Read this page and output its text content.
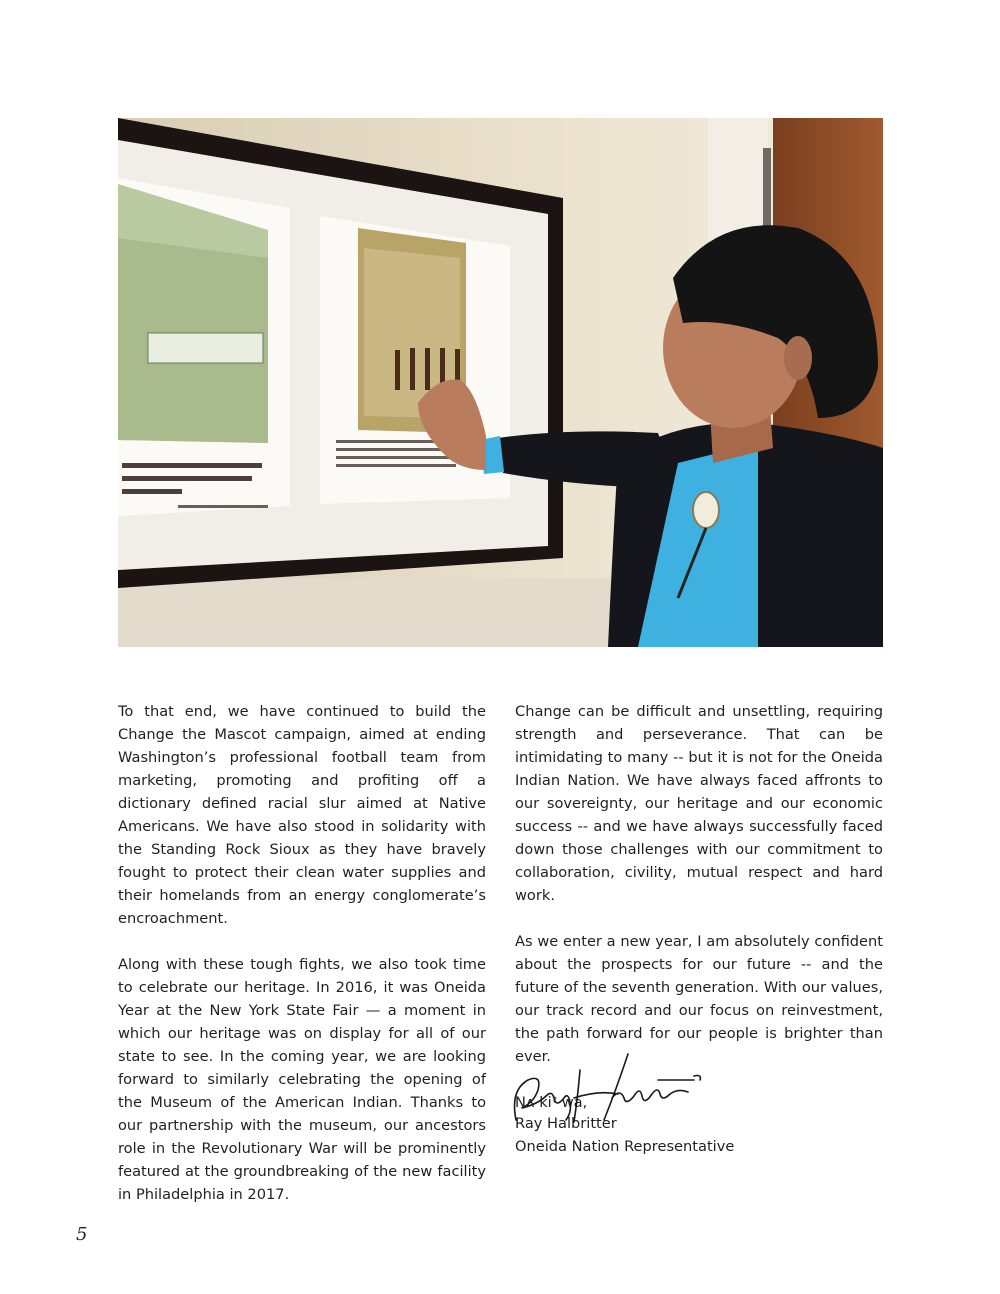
To that end, we have continued to build the Change the Mascot campaign, aimed at ending Washington’s professional football team from marketing, promoting and profiting off a dictionary defined racial slur aimed at Native Americans. We have also stood in solidarity with the Standing Rock Sioux as they have bravely fought to protect their clean water supplies and their homelands from an energy conglomerate’s encroachment.

Along with these tough fights, we also took time to celebrate our heritage. In 2016, it was Oneida Year at the New York State Fair — a moment in which our heritage was on display for all of our state to see. In the coming year, we are looking forward to similarly celebrating the opening of the Museum of the American Indian. Thanks to our partnership with the museum, our ancestors role in the Revolutionary War will be prominently featured at the groundbreaking of the new facility in Philadelphia in 2017.

Change can be difficult and unsettling, requiring strength and perseverance. That can be intimidating to many -- but it is not for the Oneida Indian Nation. We have always faced affronts to our sovereignty, our heritage and our economic success -- and we have always successfully faced down those challenges with our commitment to collaboration, civility, mutual respect and hard work.

As we enter a new year, I am absolutely confident about the prospects for our future -- and the future of the seventh generation. With our values, our track record and our focus on reinvestment, the path forward for our people is brighter than ever.

Nʌ kiˀ wa,
Ray Halbritter
Oneida Nation Representative
5
